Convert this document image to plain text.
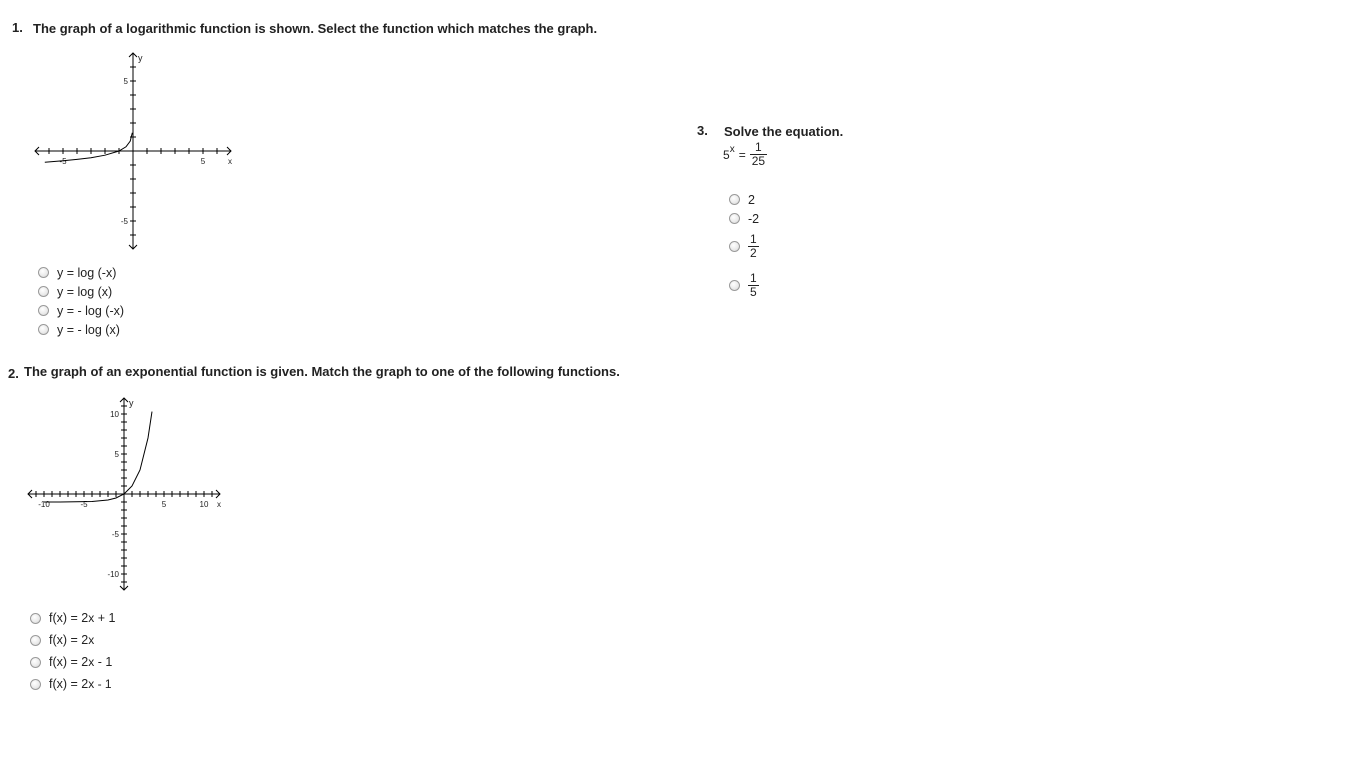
1. The graph of a logarithmic function is shown. Select the function which matches the graph.
-5	5
5
-5
x
y
y = log (-x)
y = log (x)
y = - log (-x)
y = - log (x)
2. The graph of an exponential function is given. Match the graph to one of the following functions.
-10	-5	5	10
10
5
-5
-10
x
y
f(x) = 2 x + 1
f(x) = 2 x
f(x) = 2 x - 1
f(x) = 2 x - 1
3. Solve the equation.
5 $x = \frac{1}{25}$
2
-2
$\frac{1}{2}$
$\frac{1}{5}$
